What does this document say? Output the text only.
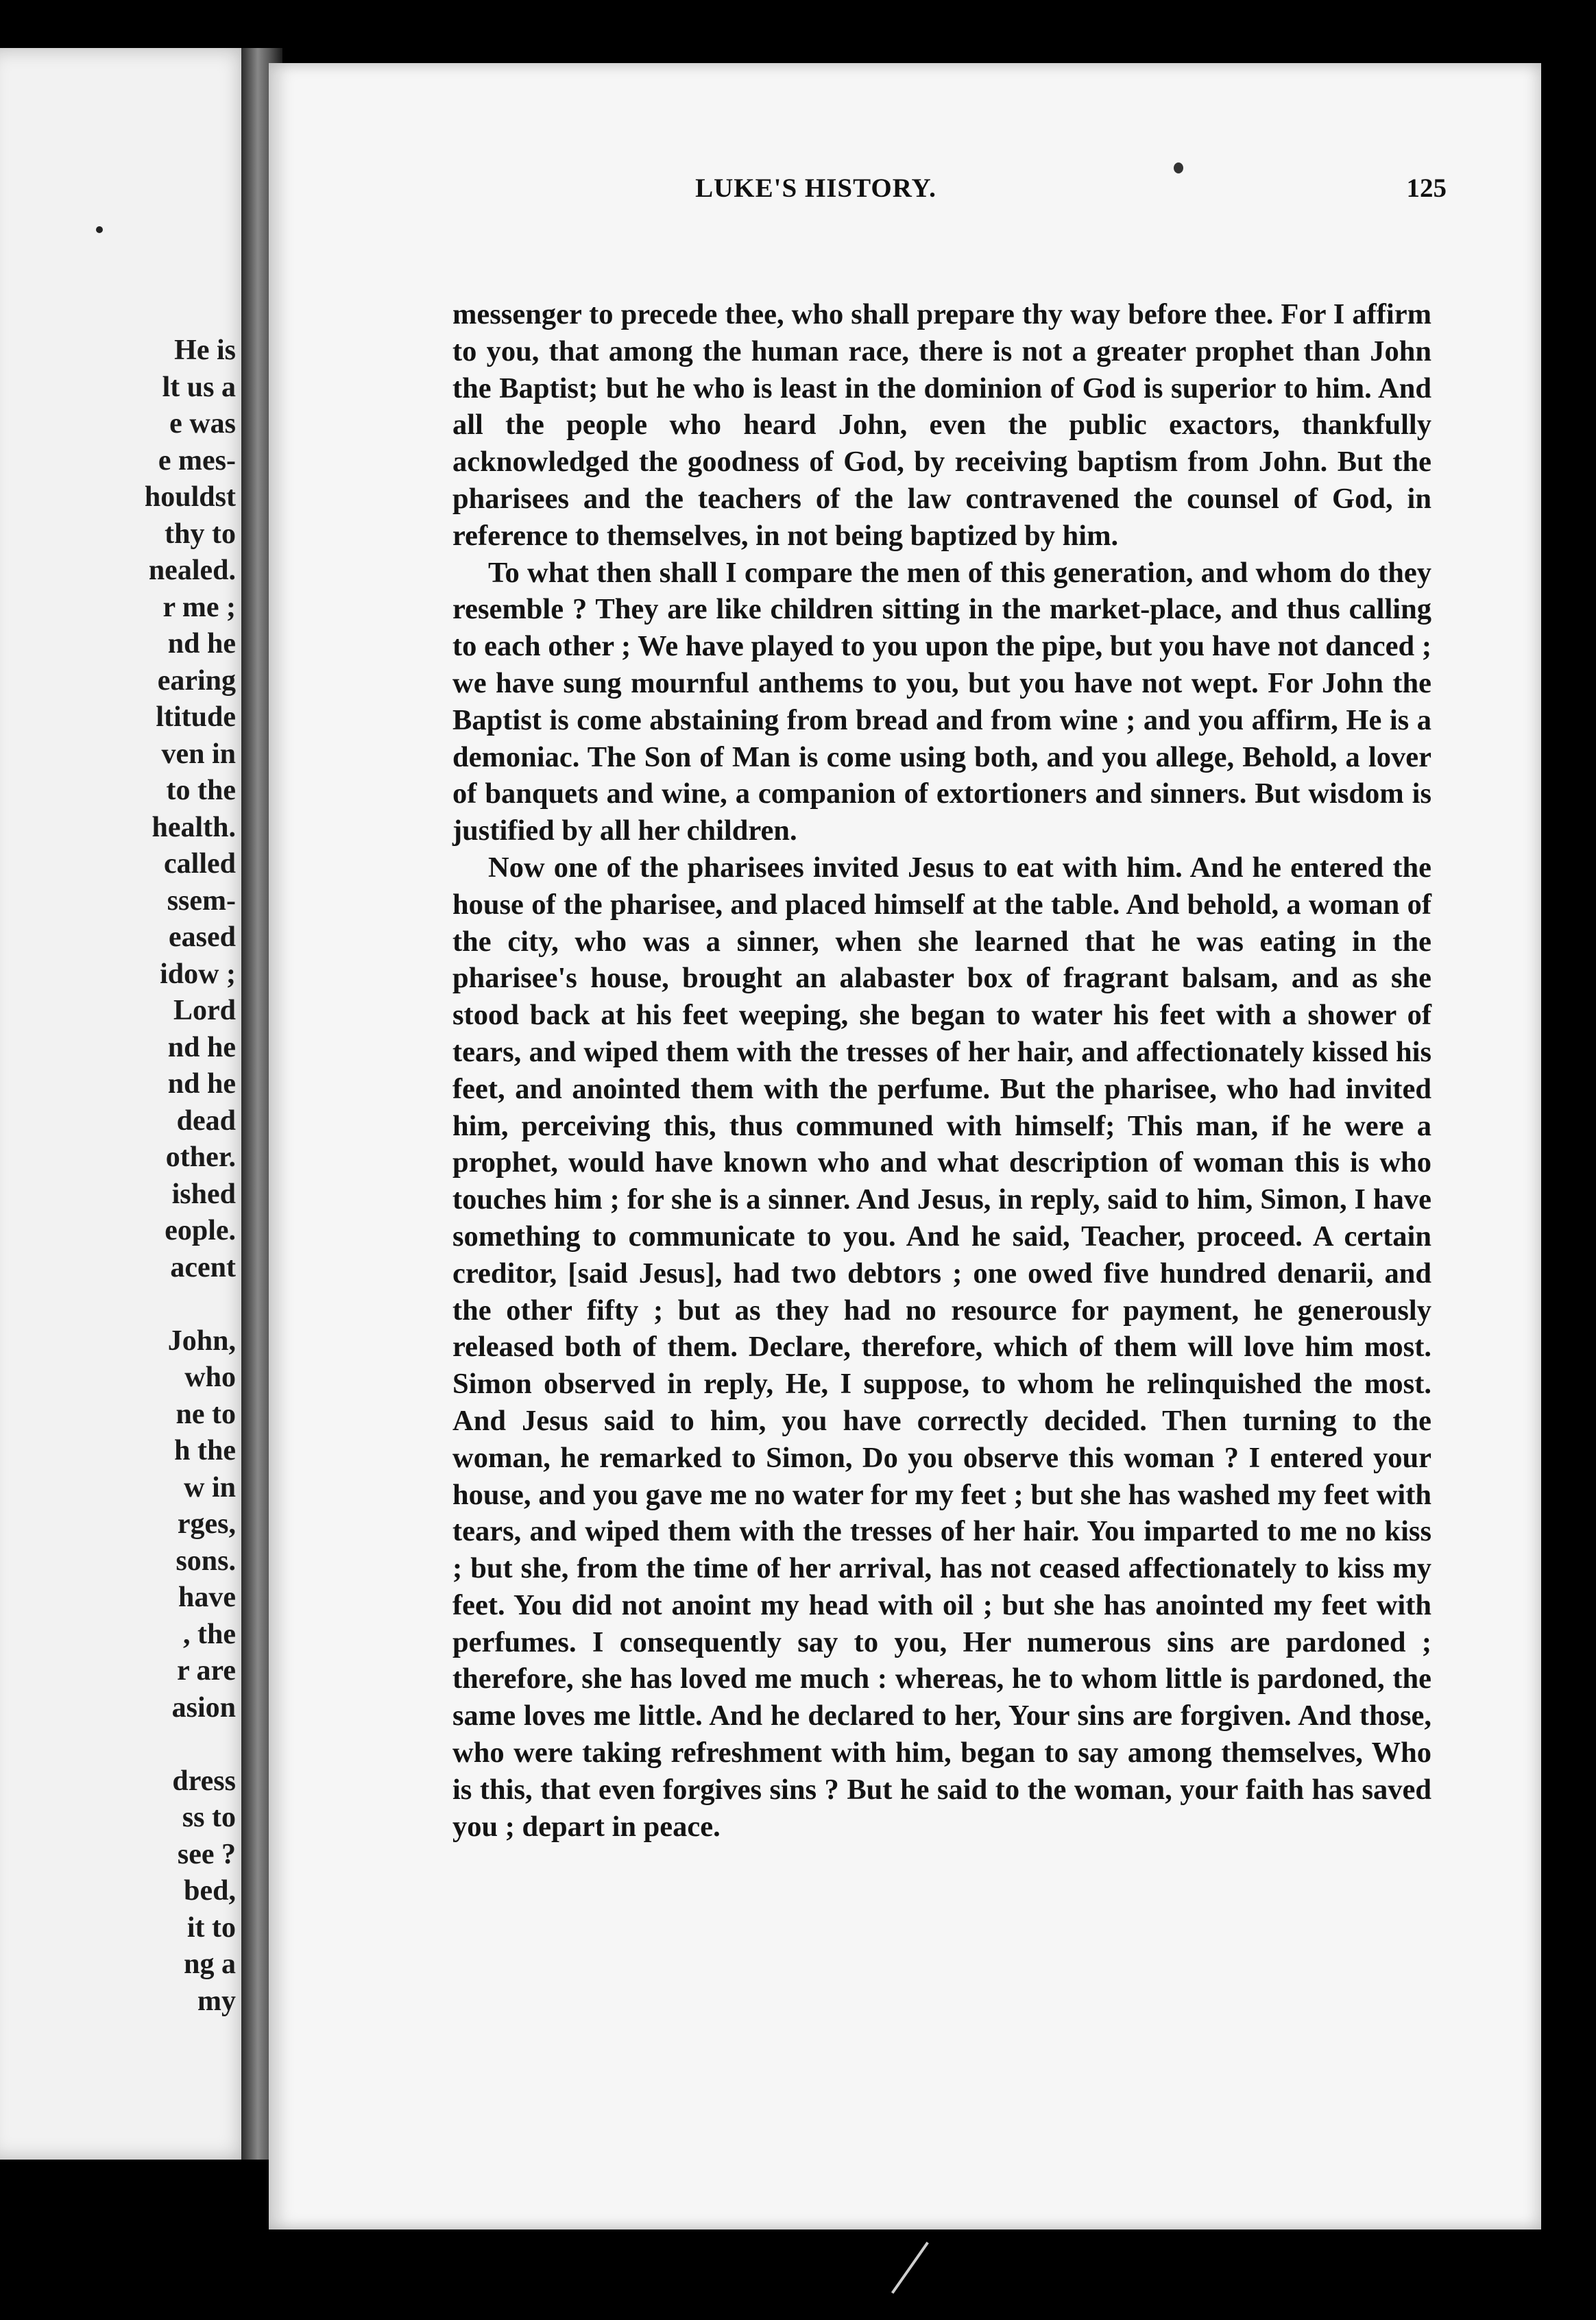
He is
lt us a
e was
e mes-
houldst
thy to
nealed.
r me ;
nd he
earing
ltitude
ven in
to the
health.
called
ssem-
eased
idow ;
Lord
nd he
nd he
dead
other.
ished
eople.
acent
John,
who
ne to
h the
w in
rges,
sons.
have
, the
r are
asion
dress
ss to
see ?
bed,
it to
ng a
my
LUKE'S HISTORY.	125

messenger to precede thee, who shall prepare thy way before thee. For I affirm to you, that among the human race, there is not a greater prophet than John the Baptist; but he who is least in the dominion of God is superior to him. And all the people who heard John, even the public exactors, thankfully acknowledged the goodness of God, by receiving baptism from John. But the pharisees and the teachers of the law contravened the counsel of God, in reference to themselves, in not being baptized by him.

To what then shall I compare the men of this generation, and whom do they resemble ? They are like children sitting in the market-place, and thus calling to each other ; We have played to you upon the pipe, but you have not danced ; we have sung mournful anthems to you, but you have not wept. For John the Baptist is come abstaining from bread and from wine ; and you affirm, He is a demoniac. The Son of Man is come using both, and you allege, Behold, a lover of banquets and wine, a companion of extortioners and sinners. But wisdom is justified by all her children.

Now one of the pharisees invited Jesus to eat with him. And he entered the house of the pharisee, and placed himself at the table. And behold, a woman of the city, who was a sinner, when she learned that he was eating in the pharisee's house, brought an alabaster box of fragrant balsam, and as she stood back at his feet weeping, she began to water his feet with a shower of tears, and wiped them with the tresses of her hair, and affectionately kissed his feet, and anointed them with the perfume. But the pharisee, who had invited him, perceiving this, thus communed with himself; This man, if he were a prophet, would have known who and what description of woman this is who touches him ; for she is a sinner. And Jesus, in reply, said to him, Simon, I have something to communicate to you. And he said, Teacher, proceed. A certain creditor, [said Jesus], had two debtors ; one owed five hundred denarii, and the other fifty ; but as they had no resource for payment, he generously released both of them. Declare, therefore, which of them will love him most. Simon observed in reply, He, I suppose, to whom he relinquished the most. And Jesus said to him, you have correctly decided. Then turning to the woman, he remarked to Simon, Do you observe this woman ? I entered your house, and you gave me no water for my feet ; but she has washed my feet with tears, and wiped them with the tresses of her hair. You imparted to me no kiss ; but she, from the time of her arrival, has not ceased affectionately to kiss my feet. You did not anoint my head with oil ; but she has anointed my feet with perfumes. I consequently say to you, Her numerous sins are pardoned ; therefore, she has loved me much : whereas, he to whom little is pardoned, the same loves me little. And he declared to her, Your sins are forgiven. And those, who were taking refreshment with him, began to say among themselves, Who is this, that even forgives sins ? But he said to the woman, your faith has saved you ; depart in peace.
